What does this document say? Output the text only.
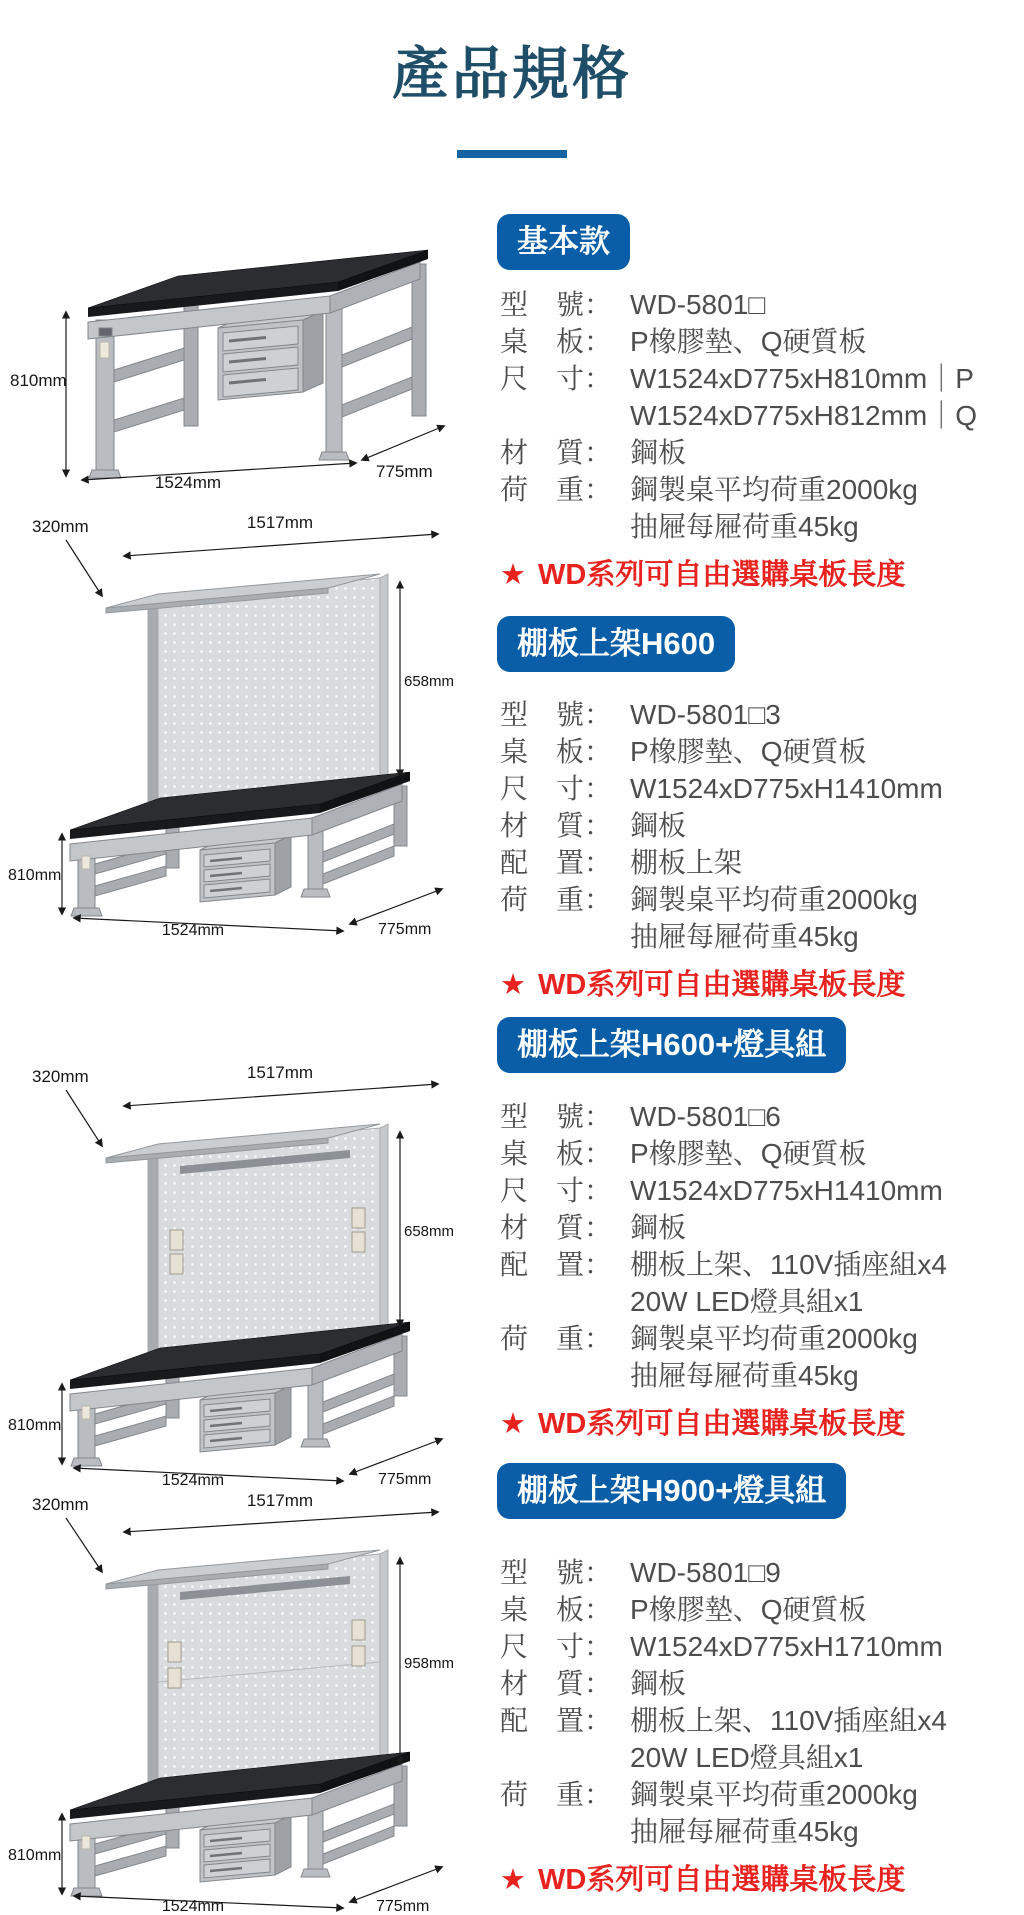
產品規格
810mm
1524mm
775mm
基本款
型　號： WD-5801□
桌　板： P橡膠墊、Q硬質板
尺　寸： W1524xD775xH810mm｜P
W1524xD775xH812mm｜Q
材　質： 鋼板
荷　重： 鋼製桌平均荷重2000kg
抽屜每屜荷重45kg
★ WD系列可自由選購桌板長度
320mm	1517mm
658mm
810mm
1524mm	775mm
棚板上架H600
型　號： WD-5801□3
桌　板： P橡膠墊、Q硬質板
尺　寸： W1524xD775xH1410mm
材　質： 鋼板
配　置： 棚板上架
荷　重： 鋼製桌平均荷重2000kg
抽屜每屜荷重45kg
★ WD系列可自由選購桌板長度
320mm	1517mm
658mm
810mm
1524mm	775mm
棚板上架H600+燈具組
型　號： WD-5801□6
桌　板： P橡膠墊、Q硬質板
尺　寸： W1524xD775xH1410mm
材　質： 鋼板
配　置： 棚板上架、110V插座組x4
20W LED燈具組x1
荷　重： 鋼製桌平均荷重2000kg
抽屜每屜荷重45kg
★ WD系列可自由選購桌板長度
320mm	1517mm
958mm
810mm
1524mm	775mm
棚板上架H900+燈具組
型　號： WD-5801□9
桌　板： P橡膠墊、Q硬質板
尺　寸： W1524xD775xH1710mm
材　質： 鋼板
配　置： 棚板上架、110V插座組x4
20W LED燈具組x1
荷　重： 鋼製桌平均荷重2000kg
抽屜每屜荷重45kg
★ WD系列可自由選購桌板長度
